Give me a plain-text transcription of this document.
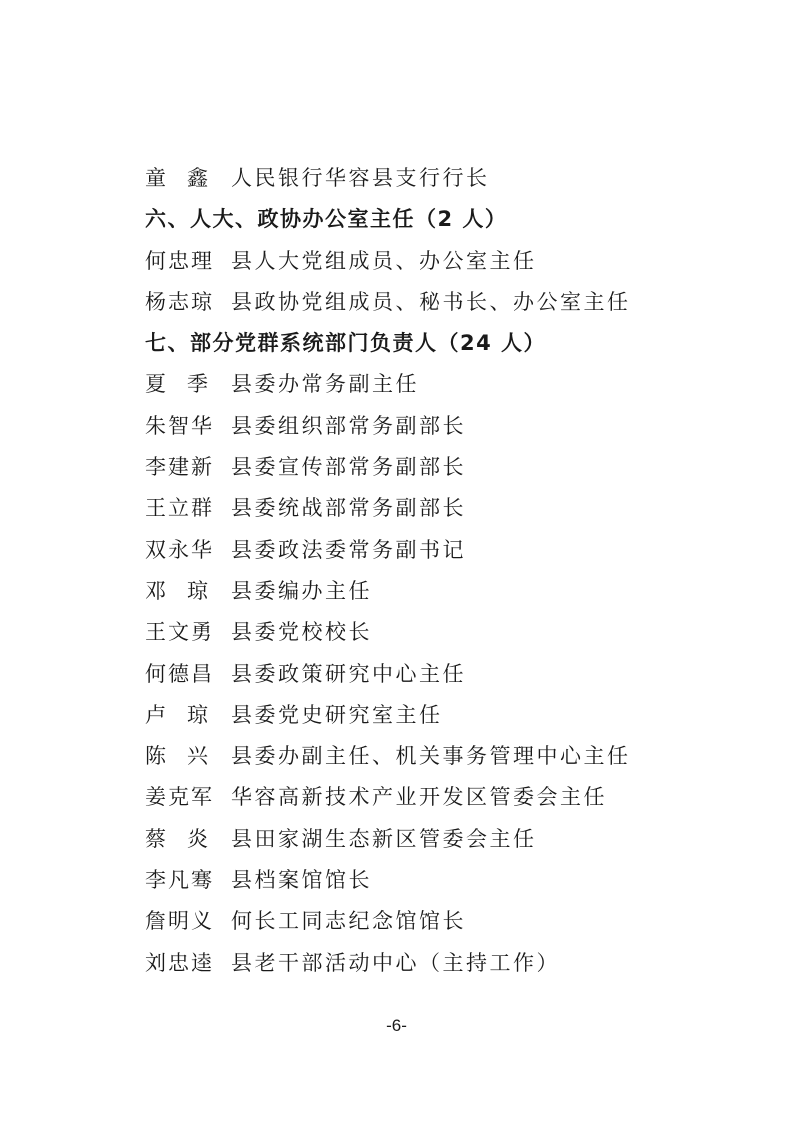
童 鑫 人民银行华容县支行行长
六、人大、政协办公室主任（2 人）
何忠理 县人大党组成员、办公室主任
杨志琼 县政协党组成员、秘书长、办公室主任
七、部分党群系统部门负责人（24 人）
夏 季 县委办常务副主任
朱智华 县委组织部常务副部长
李建新 县委宣传部常务副部长
王立群 县委统战部常务副部长
双永华 县委政法委常务副书记
邓 琼 县委编办主任
王文勇 县委党校校长
何德昌 县委政策研究中心主任
卢 琼 县委党史研究室主任
陈 兴 县委办副主任、机关事务管理中心主任
姜克军 华容高新技术产业开发区管委会主任
蔡 炎 县田家湖生态新区管委会主任
李凡骞 县档案馆馆长
詹明义 何长工同志纪念馆馆长
刘忠逵 县老干部活动中心（主持工作）
-6-
